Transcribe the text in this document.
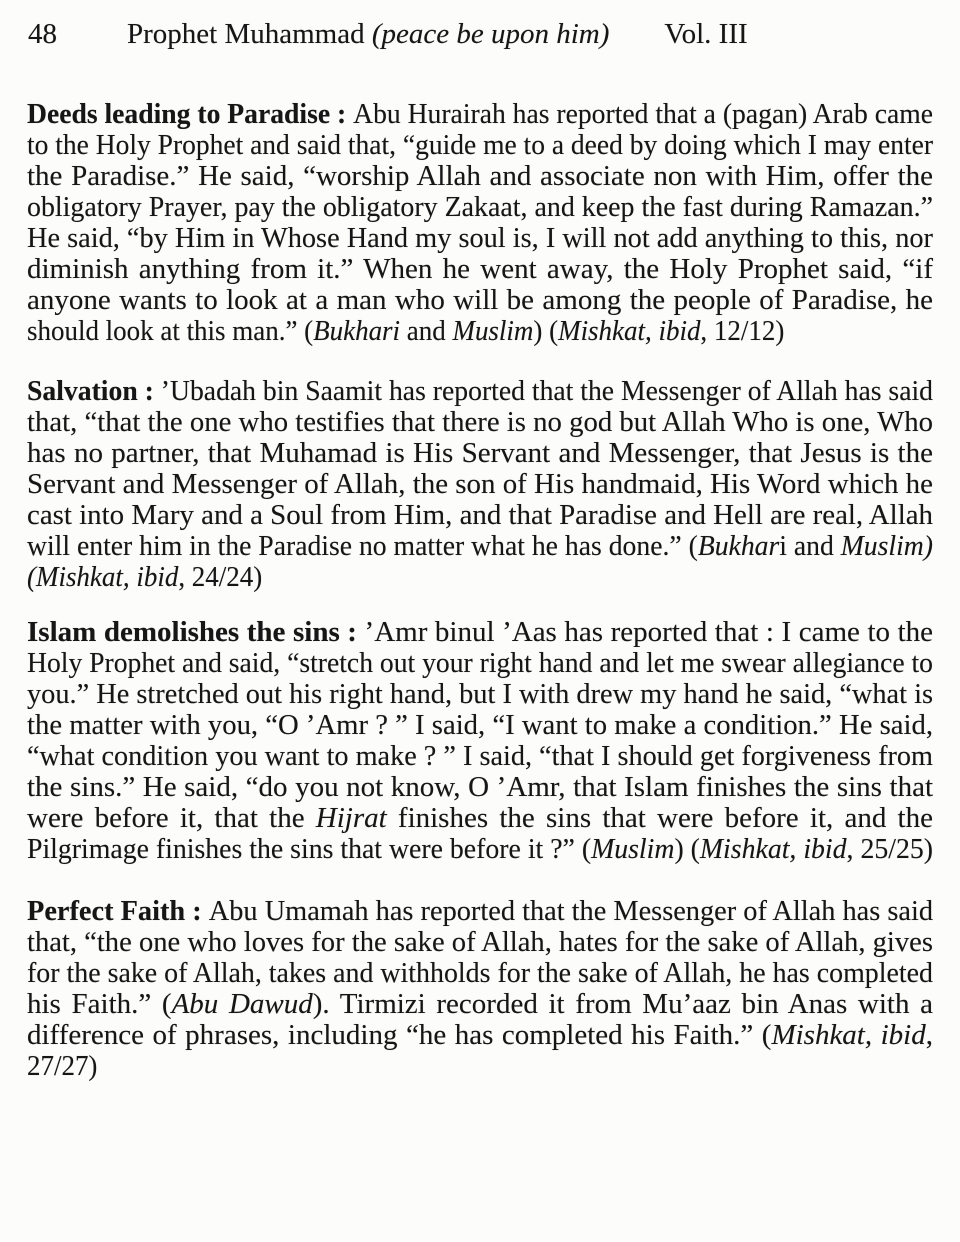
48 Prophet Muhammad (peace be upon him) Vol. III
Deeds leading to Paradise : Abu Hurairah has reported that a (pagan) Arab came
to the Holy Prophet and said that, “guide me to a deed by doing which I may enter
the Paradise.” He said, “worship Allah and associate non with Him, offer the
obligatory Prayer, pay the obligatory Zakaat, and keep the fast during Ramazan.”
He said, “by Him in Whose Hand my soul is, I will not add anything to this, nor
diminish anything from it.” When he went away, the Holy Prophet said, “if
anyone wants to look at a man who will be among the people of Paradise, he
should look at this man.” (Bukhari and Muslim) (Mishkat, ibid, 12/12)
Salvation : ’Ubadah bin Saamit has reported that the Messenger of Allah has said
that, “that the one who testifies that there is no god but Allah Who is one, Who
has no partner, that Muhamad is His Servant and Messenger, that Jesus is the
Servant and Messenger of Allah, the son of His handmaid, His Word which he
cast into Mary and a Soul from Him, and that Paradise and Hell are real, Allah
will enter him in the Paradise no matter what he has done.” (Bukhari and Muslim)
(Mishkat, ibid, 24/24)
Islam demolishes the sins : ’Amr binul ’Aas has reported that : I came to the
Holy Prophet and said, “stretch out your right hand and let me swear allegiance to
you.” He stretched out his right hand, but I with drew my hand he said, “what is
the matter with you, “O ’Amr ? ” I said, “I want to make a condition.” He said,
“what condition you want to make ? ” I said, “that I should get forgiveness from
the sins.” He said, “do you not know, O ’Amr, that Islam finishes the sins that
were before it, that the Hijrat finishes the sins that were before it, and the
Pilgrimage finishes the sins that were before it ?” (Muslim) (Mishkat, ibid, 25/25)
Perfect Faith : Abu Umamah has reported that the Messenger of Allah has said
that, “the one who loves for the sake of Allah, hates for the sake of Allah, gives
for the sake of Allah, takes and withholds for the sake of Allah, he has completed
his Faith.” (Abu Dawud). Tirmizi recorded it from Mu’aaz bin Anas with a
difference of phrases, including “he has completed his Faith.” (Mishkat, ibid,
27/27)
